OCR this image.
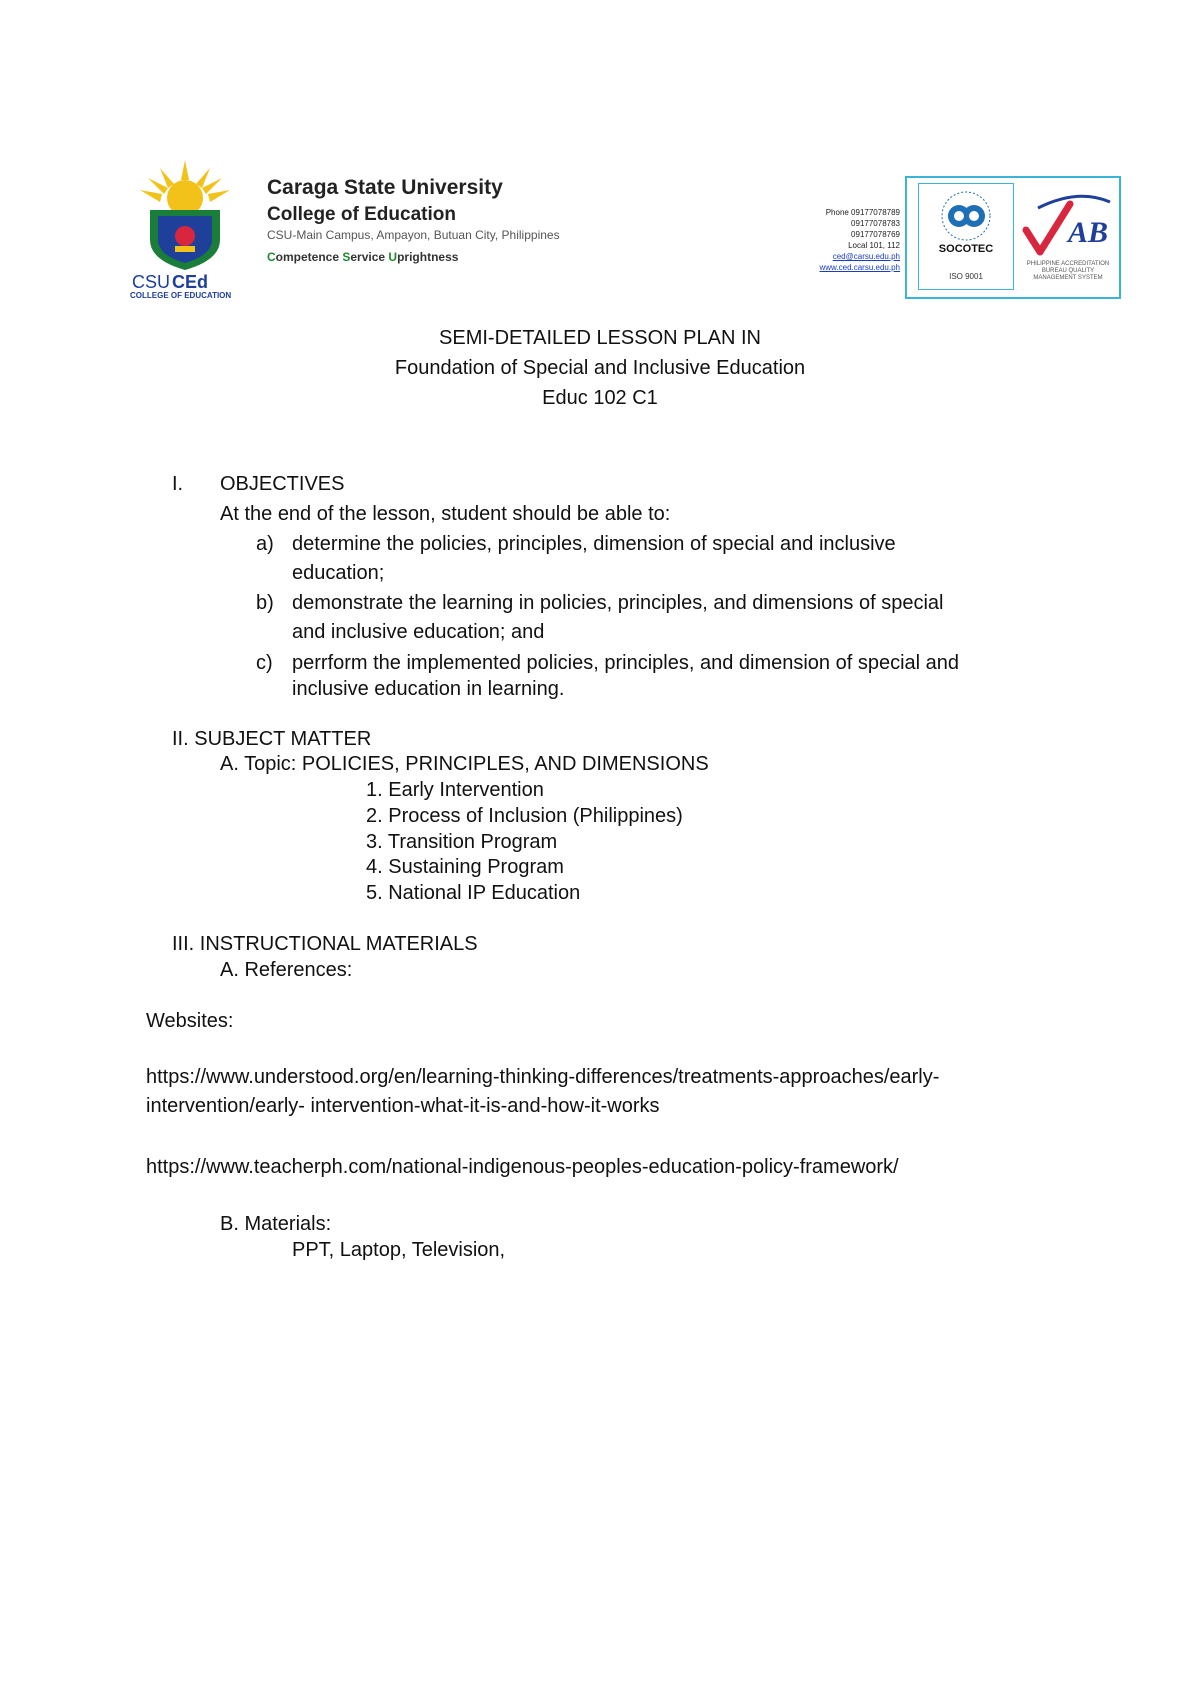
CSU CEd
COLLEGE OF EDUCATION
Caraga State University
College of Education
CSU-Main Campus, Ampayon, Butuan City, Philippines
Competence Service Uprightness
Phone 09177078789
09177078783
09177078769
Local 101, 112
ced@carsu.edu.ph
www.ced.carsu.edu.ph
SOCOTEC
ISO 9001
AB
PHILIPPINE ACCREDITATION BUREAU QUALITY MANAGEMENT SYSTEM
SEMI-DETAILED LESSON PLAN IN
Foundation of Special and Inclusive Education
Educ 102 C1
I. OBJECTIVES
At the end of the lesson, student should be able to:
a) determine the policies, principles, dimension of special and inclusive
education;
b) demonstrate the learning in policies, principles, and dimensions of special
and inclusive education; and
c) perrform the implemented policies, principles, and dimension of special and
inclusive education in learning.
II. SUBJECT MATTER
A. Topic: POLICIES, PRINCIPLES, AND DIMENSIONS
1. Early Intervention
2. Process of Inclusion (Philippines)
3. Transition Program
4. Sustaining Program
5. National IP Education
III. INSTRUCTIONAL MATERIALS
A. References:
Websites:
https://www.understood.org/en/learning-thinking-differences/treatments-approaches/early-
intervention/early- intervention-what-it-is-and-how-it-works
https://www.teacherph.com/national-indigenous-peoples-education-policy-framework/
B. Materials:
PPT, Laptop, Television,
